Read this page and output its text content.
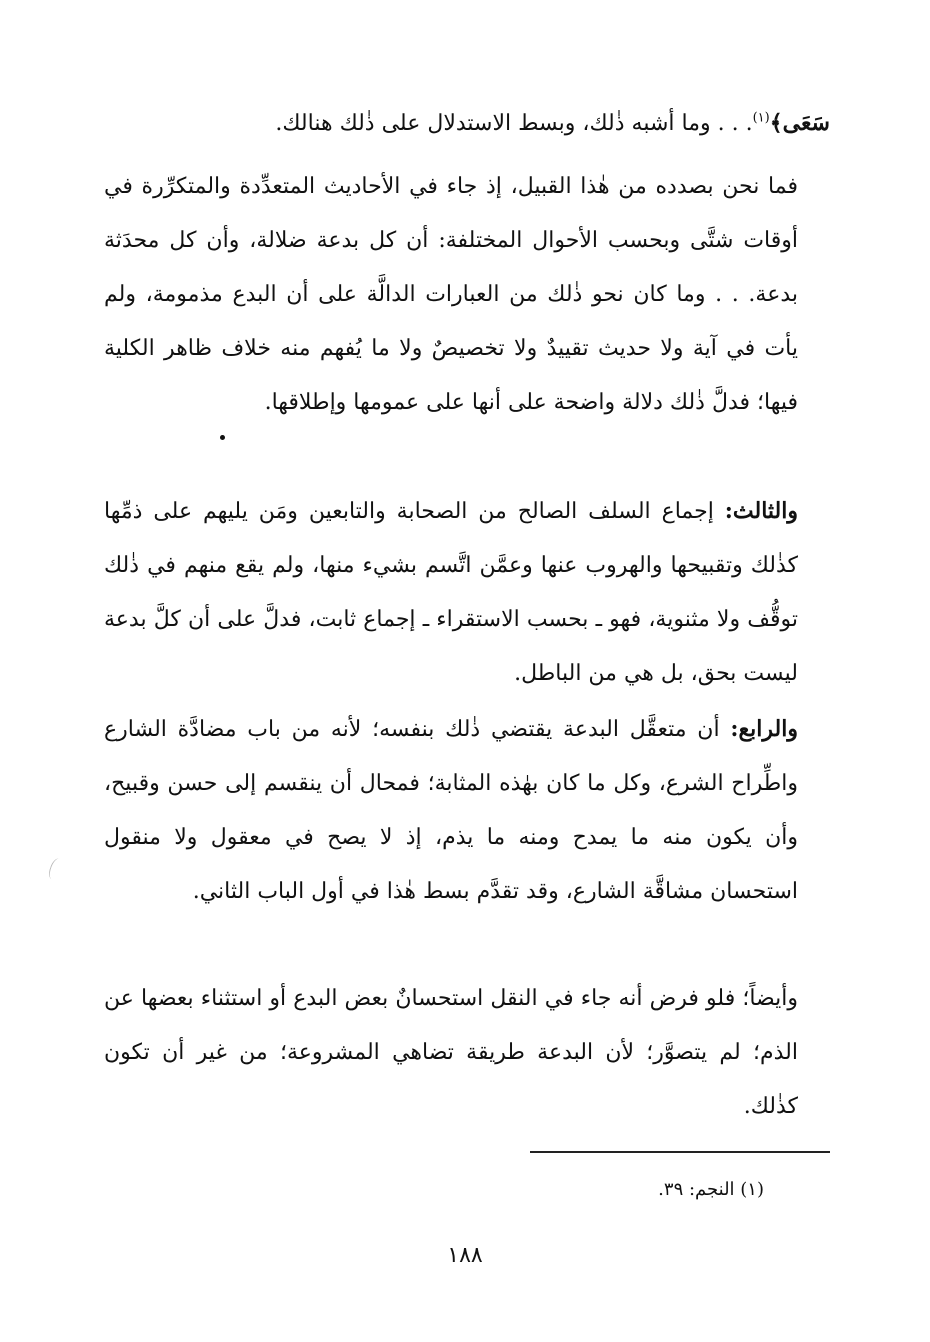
سَعَى﴾$^{(١)}$. . . وما أشبه ذٰلك، وبسط الاستدلال على ذٰلك هنالك.

فما نحن بصدده من هٰذا القبيل، إذ جاء في الأحاديث المتعدِّدة والمتكرِّرة في أوقات شتَّى وبحسب الأحوال المختلفة: أن كل بدعة ضلالة، وأن كل محدَثة بدعة. . . وما كان نحو ذٰلك من العبارات الدالَّة على أن البدع مذمومة، ولم يأت في آية ولا حديث تقييدٌ ولا تخصيصٌ ولا ما يُفهم منه خلاف ظاهر الكلية فيها؛ فدلَّ ذٰلك دلالة واضحة على أنها على عمومها وإطلاقها.

والثالث: إجماع السلف الصالح من الصحابة والتابعين ومَن يليهم على ذمِّها كذٰلك وتقبيحها والهروب عنها وعمَّن اتَّسم بشيء منها، ولم يقع منهم في ذٰلك توقُّف ولا مثنوية، فهو ـ بحسب الاستقراء ـ إجماع ثابت، فدلَّ على أن كلَّ بدعة ليست بحق، بل هي من الباطل.

والرابع: أن متعقَّل البدعة يقتضي ذٰلك بنفسه؛ لأنه من باب مضادَّة الشارع واطِّراح الشرع، وكل ما كان بهٰذه المثابة؛ فمحال أن ينقسم إلى حسن وقبيح، وأن يكون منه ما يمدح ومنه ما يذم، إذ لا يصح في معقول ولا منقول استحسان مشاقَّة الشارع، وقد تقدَّم بسط هٰذا في أول الباب الثاني.

وأيضاً؛ فلو فرض أنه جاء في النقل استحسانٌ بعض البدع أو استثناء بعضها عن الذم؛ لم يتصوَّر؛ لأن البدعة طريقة تضاهي المشروعة؛ من غير أن تكون كذٰلك.

(١) النجم: ٣٩.
١٨٨
